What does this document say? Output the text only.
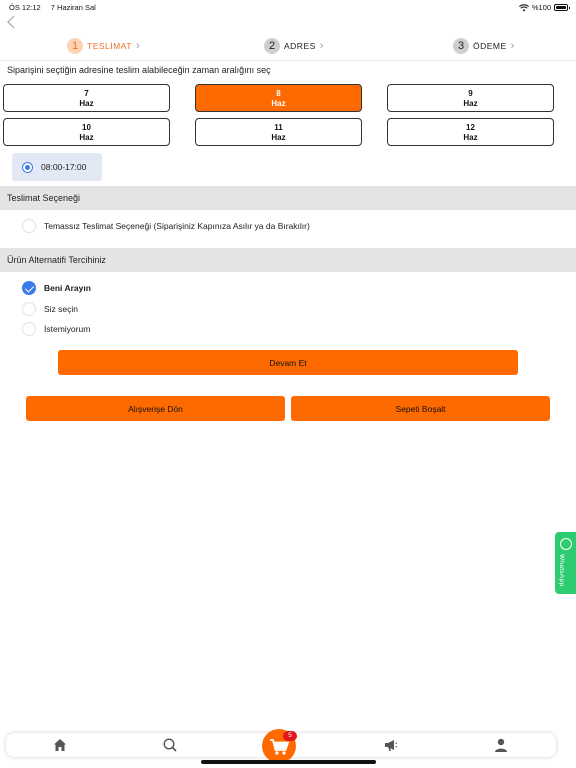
ÖS 12:12 7 Haziran Sal	%100
1	TESLİMAT ›	2	ADRES ›	3	ÖDEME ›
Siparişini seçtiğin adresine teslim alabileceğin zaman aralığını seç
7
Haz
8
Haz
9
Haz
10
Haz
11
Haz
12
Haz
08:00-17:00
Teslimat Seçeneği
Temassız Teslimat Seçeneği (Siparişiniz Kapınıza Asılır ya da Bırakılır)
Ürün Alternatifi Tercihiniz
Beni Arayın
Siz seçin
İstemiyorum
Devam Et
Alışverişe Dön	Sepeti Boşalt
WhatsApp
5
